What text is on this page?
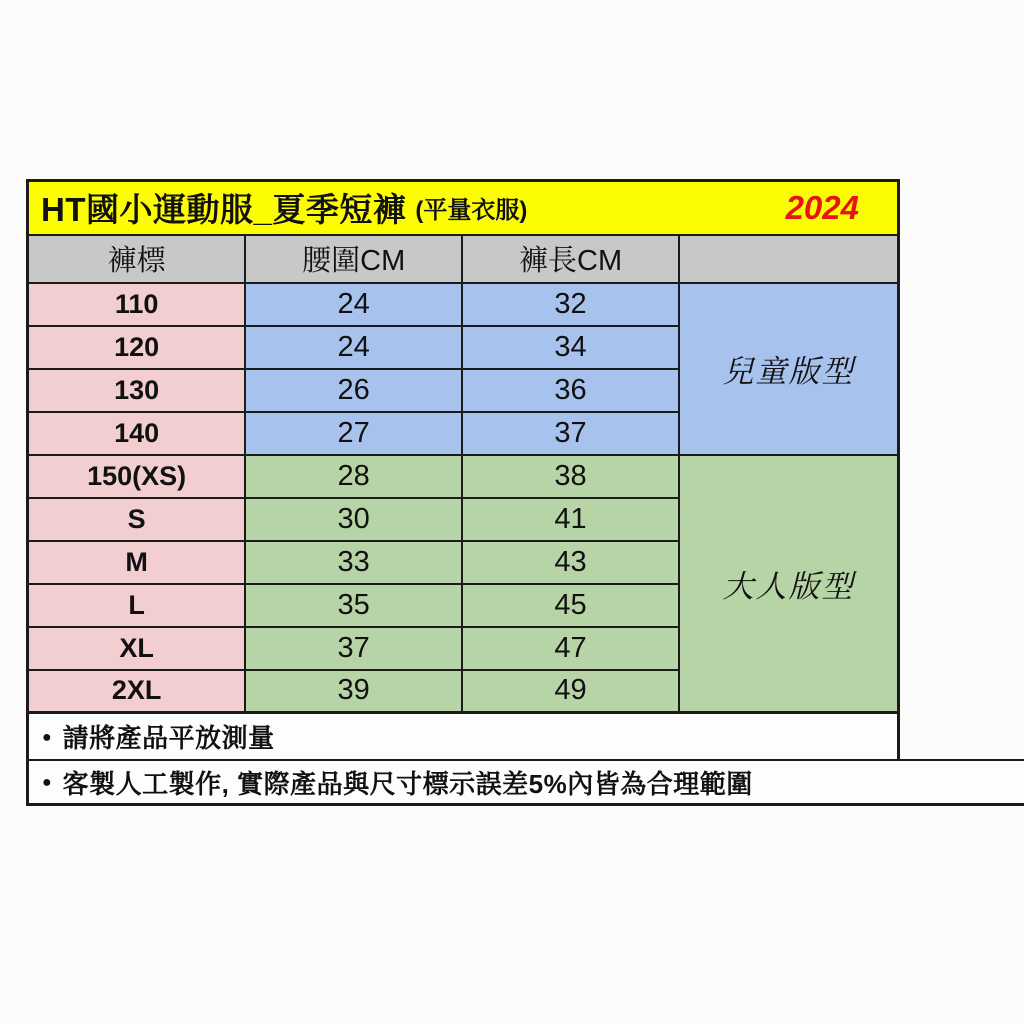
HT國小運動服_夏季短褲 (平量衣服) 2024			

褲標	腰圍CM	褲長CM	
110	24	32	兒童版型
120	24	34	
130	26	36	
140	27	37	
150(XS)	28	38	大人版型
S	30	41	
M	33	43	
L	35	45	
XL	37	47	
2XL	39	49	
● 請將產品平放測量
● 客製人工製作, 實際產品與尺寸標示誤差5%內皆為合理範圍
